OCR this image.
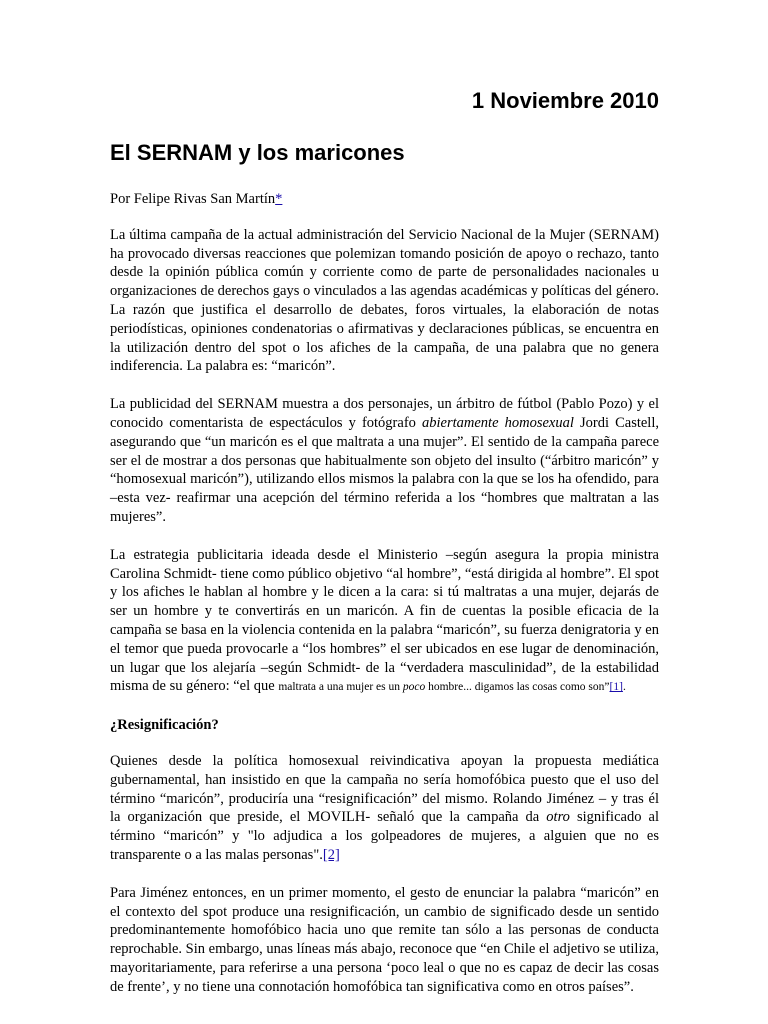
1 Noviembre 2010
El SERNAM y los maricones

Por Felipe Rivas San Martín*

La última campaña de la actual administración del Servicio Nacional de la Mujer (SERNAM) ha provocado diversas reacciones que polemizan tomando posición de apoyo o rechazo, tanto desde la opinión pública común y corriente como de parte de personalidades nacionales u organizaciones de derechos gays o vinculados a las agendas académicas y políticas del género. La razón que justifica el desarrollo de debates, foros virtuales, la elaboración de notas periodísticas, opiniones condenatorias o afirmativas y declaraciones públicas, se encuentra en la utilización dentro del spot o los afiches de la campaña, de una palabra que no genera indiferencia. La palabra es: “maricón”.

La publicidad del SERNAM muestra a dos personajes, un árbitro de fútbol (Pablo Pozo) y el conocido comentarista de espectáculos y fotógrafo abiertamente homosexual Jordi Castell, asegurando que “un maricón es el que maltrata a una mujer”. El sentido de la campaña parece ser el de mostrar a dos personas que habitualmente son objeto del insulto (“árbitro maricón” y “homosexual maricón”), utilizando ellos mismos la palabra con la que se los ha ofendido, para –esta vez- reafirmar una acepción del término referida a los “hombres que maltratan a las mujeres”.

La estrategia publicitaria ideada desde el Ministerio –según asegura la propia ministra Carolina Schmidt- tiene como público objetivo “al hombre”, “está dirigida al hombre”. El spot y los afiches le hablan al hombre y le dicen a la cara: si tú maltratas a una mujer, dejarás de ser un hombre y te convertirás en un maricón. A fin de cuentas la posible eficacia de la campaña se basa en la violencia contenida en la palabra “maricón”, su fuerza denigratoria y en el temor que pueda provocarle a “los hombres” el ser ubicados en ese lugar de denominación, un lugar que los alejaría –según Schmidt- de la “verdadera masculinidad”, de la estabilidad misma de su género: “el que maltrata a una mujer es un poco hombre... digamos las cosas como son”[1].

¿Resignificación?

Quienes desde la política homosexual reivindicativa apoyan la propuesta mediática gubernamental, han insistido en que la campaña no sería homofóbica puesto que el uso del término “maricón”, produciría una “resignificación” del mismo. Rolando Jiménez – y tras él la organización que preside, el MOVILH- señaló que la campaña da otro significado al término “maricón” y "lo adjudica a los golpeadores de mujeres, a alguien que no es transparente o a las malas personas".[2]

Para Jiménez entonces, en un primer momento, el gesto de enunciar la palabra “maricón” en el contexto del spot produce una resignificación, un cambio de significado desde un sentido predominantemente homofóbico hacia uno que remite tan sólo a las personas de conducta reprochable. Sin embargo, unas líneas más abajo, reconoce que “en Chile el adjetivo se utiliza, mayoritariamente, para referirse a una persona ‘poco leal o que no es capaz de decir las cosas de frente’, y no tiene una connotación homofóbica tan significativa como en otros países”.
